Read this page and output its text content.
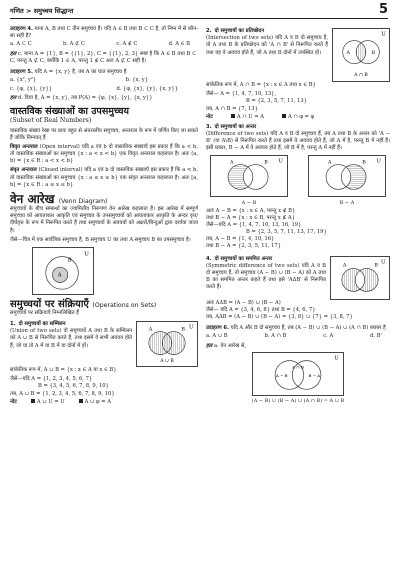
गणित > समुच्चय सिद्धान्त	5
उदाहरण 4. माना A, B तथा C तीन समुच्चय हैं। यदि A ∈ B तथा B ⊂ C है, तो निम्न में से कौन-सा सही है?
a. A ⊂ C	b. A ⊄ C	c. A ∉ C	d. A ∈ B
हल c. माना A = {1}, B = {{1}, 2}, C = {{1}, 2, 3} स्पष्ट है कि A ∈ B तथा B ⊂ C, परन्तु A ⊄ C, क्योंकि 1 ∈ A, परन्तु 1 ∉ C अतः A ⊄ C सही है।
उदाहरण 5. यदि A = {x, y} है, तब A का घात समुच्चय है
a. {x², y²}	b. {x, y}
c. {φ, {x}, {y}}	d. {φ, {x}, {y}, {x, y}}
हल d. दिया है, A = {x, y}, तब P(A) = {φ, {x}, {y}, {x, y}}
वास्तविक संख्याओं का उपसमुच्चय
(Subset of Real Numbers)

वास्तविक संख्या रेखा पर प्रायः बहुत से अंतरालीय समुच्चय, अन्तराल के रूप में वर्णित किए जा सकते हैं जोकि निम्नवत् हैं

विवृत अन्तराल (Open interval) यदि a एवं b दो वास्तविक संख्याएँ इस प्रकार हैं कि a < b, तो वास्तविक संख्याओं का समुच्चय {x : a < x < b} एक विवृत अन्तराल कहलाता है। अतः (a, b) = {x ∈ R : a < x < b}

संवृत अन्तराल (Closed interval) यदि a एवं b दो वास्तविक संख्याएँ इस प्रकार हैं कि a < b, तो वास्तविक संख्याओं का समुच्चय {x : a ≤ x ≤ b} एक संवृत अन्तराल कहलाता है। अतः [a, b] = {x ∈ R : a ≤ x ≤ b}

वेन आरेख (Venn Diagram)

समुच्चयों के बीच सम्बन्धों का ज्यामितीय निरूपण वेन आरेख कहलाता है। इस आरेख में सम्पूर्ण समुच्चय को आयताकार आकृति एवं समुच्चय के उपसमुच्चयों को आयताकार आकृति के अन्दर वृत्त/दीर्घवृत्त के रूप में निरूपित करते हैं तथा समुच्चयों के अवयवों को अक्षरों/बिन्दुओं द्वारा दर्शाया जाता है।

जैसे—चित्र में एक सार्वत्रिक समुच्चय है, B समुच्चय U का तथा A समुच्चय B का उपसमुच्चय है।

U
B
A
समुच्चयों पर संक्रियाएँ (Operations on Sets)

समुच्चयों पर संक्रियाएँ निम्नलिखित हैं

1. दो समुच्चयों का सम्मिलन

(Union of two sets) दो समुच्चयों A तथा B के सम्मिलन को A ∪ B से निरूपित करते हैं, तथा इसमें वे सभी अवयव होते हैं, जो या तो A में या B में या दोनों में हों।

U
A	B
A ∪ B

सांकेतिक रूप में, A ∪ B = {x : x ∈ A या x ∈ B}

जैसे—यदि A = {1, 2, 3, 4, 5, 6, 7}
B = {3, 4, 5, 6, 7, 8, 9, 10}
तब, A ∪ B = {1, 2, 3, 4, 5, 6, 7, 8, 9, 10}
नोट	A ∪ U = U	A ∪ φ = A
2. दो समुच्चयों का प्रतिच्छेदन

(Intersection of two sets) यदि A व B दो समुच्चय हैं, तो A तथा B के प्रतिच्छेदन को 'A ∩ B' से निरूपित करते हैं तथा यह वे अवयव होते हैं, जो A तथा B दोनों में उपस्थित हों।

U
A	B
A ∩ B

सांकेतिक रूप में, A ∩ B = {x : x ∈ A तथा x ∈ B}

जैसे— A = {1, 4, 7, 10, 13},
B = {2, 3, 5, 7, 11, 13}
तब, A ∩ B = {7, 13}
नोट	A ∩ U = A	A ∩ φ = φ
3. दो समुच्चयों का अन्तर

(Difference of two sets) यदि A व B दो समुच्चय हैं, तब A तथा B के अन्तर को 'A − B' (या A\B) से निरूपित करते हैं तथा इसमें वे अवयव होते हैं, जो A में है, परन्तु B में नहीं हैं। इसी प्रकार, B − A में वे अवयव होते हैं, जो B में है, परन्तु A में नहीं हैं।

U
A	B
A − B
U
A	B
B − A
अतः A − B = {x : x ∈ A, परन्तु x ∉ B}
तथा B − A = {x : x ∈ B, परन्तु x ∉ A}
जैसे—यदि A = {1, 4, 7, 10, 13, 16, 19}
B = {2, 3, 5, 7, 11, 13, 17, 19}
तब, A − B = {1, 4, 10, 16}
तथा B − A = {2, 3, 5, 11, 17}
4. दो समुच्चयों का सममित अन्तर

(Symmetric difference of two sets) यदि A व B दो समुच्चय हैं, तो समुच्चय (A − B) ∪ (B − A) को A तथा B का सममित अन्तर कहते हैं तथा इसे 'AΔB' से निरूपित करते हैं।

U
A	B
अतः AΔB = (A − B) ∪ (B − A)
जैसे— यदि A = {3, 4, 6, 8} तथा B = {4, 6, 7}
तब, AΔB = (A − B) ∪ (B − A) = {3, 8} ∪ {7} = {3, 8, 7}
उदाहरण 6. यदि A और B दो समुच्चय हैं, तब (A − B) ∪ (B − A) ∪ (A ∩ B) बराबर है
a. A ∪ B	b. A ∩ B	c. A	d. B'
हल a. वेन आरेख से,
U
A − B
A ∩ B
B − A
(A − B) ∪ (B − A) ∪ (A ∩ B) = A ∪ B
